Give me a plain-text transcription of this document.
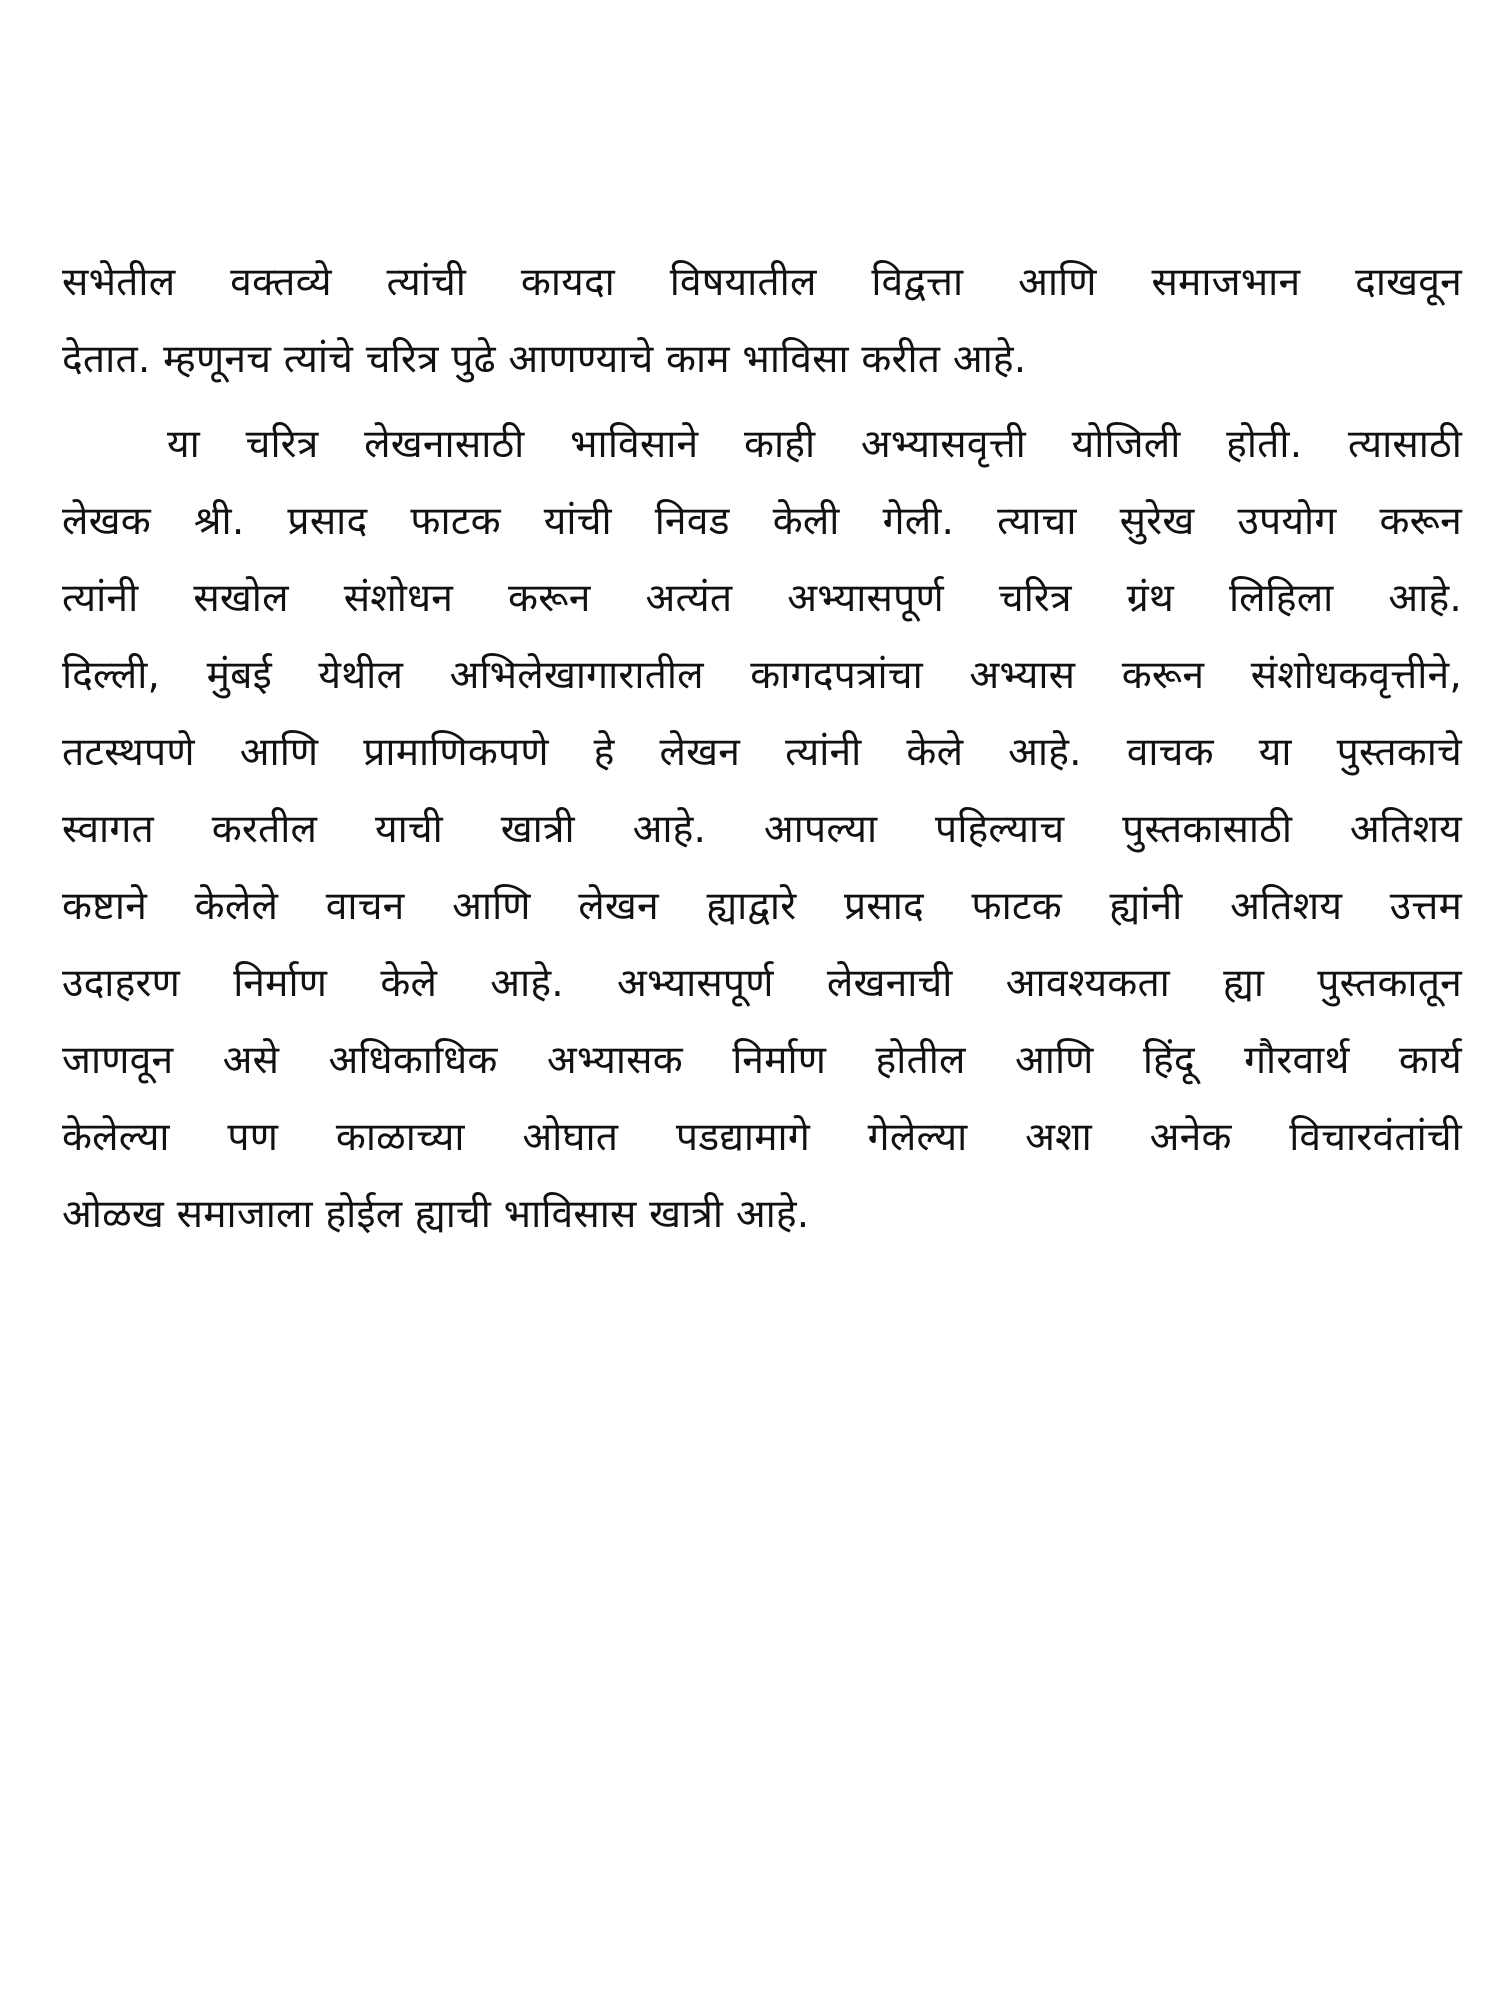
सभेतील वक्तव्ये त्यांची कायदा विषयातील विद्वत्ता आणि समाजभान दाखवून
देतात. म्हणूनच त्यांचे चरित्र पुढे आणण्याचे काम भाविसा करीत आहे.
या चरित्र लेखनासाठी भाविसाने काही अभ्यासवृत्ती योजिली होती. त्यासाठी
लेखक श्री. प्रसाद फाटक यांची निवड केली गेली. त्याचा सुरेख उपयोग करून
त्यांनी सखोल संशोधन करून अत्यंत अभ्यासपूर्ण चरित्र ग्रंथ लिहिला आहे.
दिल्ली, मुंबई येथील अभिलेखागारातील कागदपत्रांचा अभ्यास करून संशोधकवृत्तीने,
तटस्थपणे आणि प्रामाणिकपणे हे लेखन त्यांनी केले आहे. वाचक या पुस्तकाचे
स्वागत करतील याची खात्री आहे. आपल्या पहिल्याच पुस्तकासाठी अतिशय
कष्टाने केलेले वाचन आणि लेखन ह्याद्वारे प्रसाद फाटक ह्यांनी अतिशय उत्तम
उदाहरण निर्माण केले आहे. अभ्यासपूर्ण लेखनाची आवश्यकता ह्या पुस्तकातून
जाणवून असे अधिकाधिक अभ्यासक निर्माण होतील आणि हिंदू गौरवार्थ कार्य
केलेल्या पण काळाच्या ओघात पडद्यामागे गेलेल्या अशा अनेक विचारवंतांची
ओळख समाजाला होईल ह्याची भाविसास खात्री आहे.
